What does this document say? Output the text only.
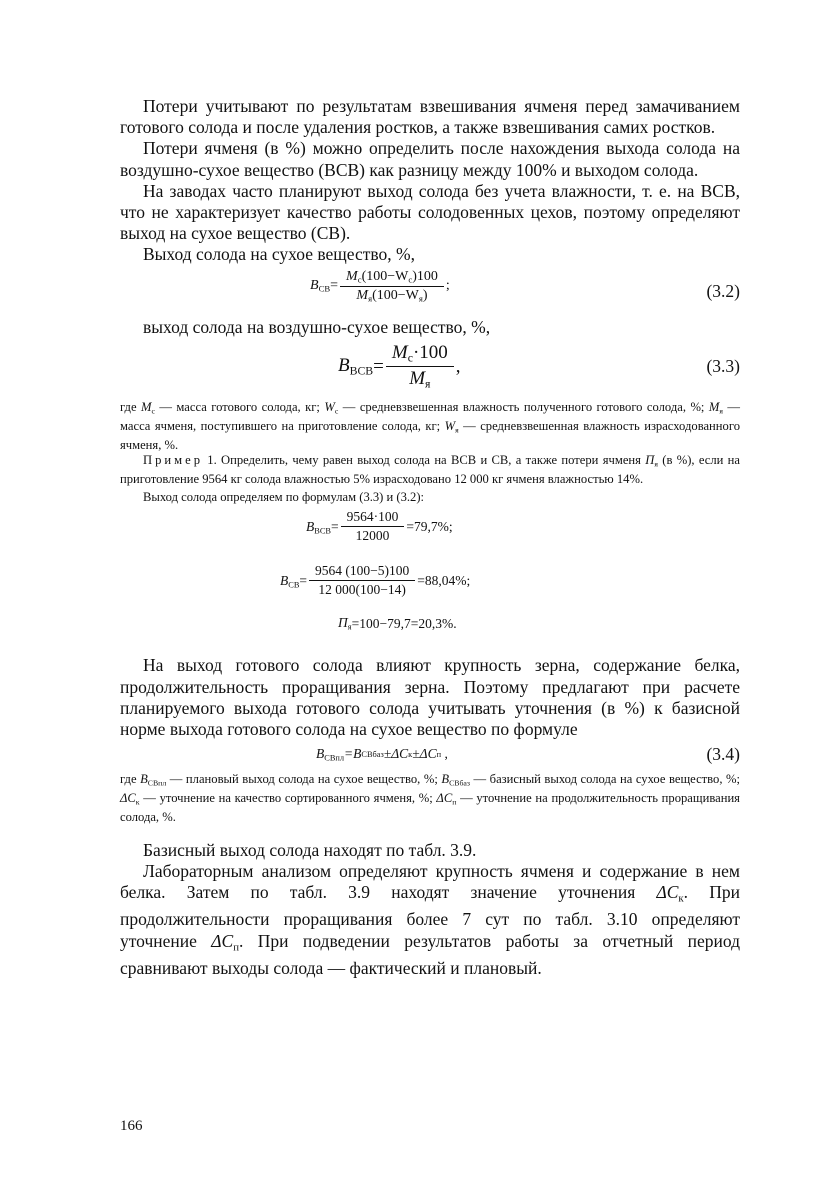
Потери учитывают по результатам взвешивания ячменя перед замачиванием готового солода и после удаления ростков, а также взвешивания самих ростков.

Потери ячменя (в %) можно определить после нахождения выхода солода на воздушно-сухое вещество (ВСВ) как разницу между 100% и выходом солода.

На заводах часто планируют выход солода без учета влажности, т. е. на ВСВ, что не характеризует качество работы солодовенных цехов, поэтому определяют выход на сухое вещество (СВ).

Выход солода на сухое вещество, %,

$B_{СВ} = \frac{M_с(100-W_с)100}{M_я(100-W_я)}$ ;	(3.2)

выход солода на воздушно-сухое вещество, %,

$B_{ВСВ} = \frac{M_с\cdot 100}{M_я}$ ,	(3.3)

где $M_с$ — масса готового солода, кг; $W_с$ — средневзвешенная влажность полученного готового солода, %; $M_я$ — масса ячменя, поступившего на приготовление солода, кг; $W_я$ — средневзвешенная влажность израсходованного ячменя, %.

Пример 1. Определить, чему равен выход солода на ВСВ и СВ, а также потери ячменя $П_я$ (в %), если на приготовление 9564 кг солода влажностью 5% израсходовано 12 000 кг ячменя влажностью 14%.

Выход солода определяем по формулам (3.3) и (3.2):

$B_{ВСВ} = \frac{9564\cdot 100}{12000} =79,7\%$;
$B_{СВ} = \frac{9564 (100-5)100}{12 000(100-14)} =88,04\%$;
$П_я =100-79,7=20,3\%$.

На выход готового солода влияют крупность зерна, содержание белка, продолжительность проращивания зерна. Поэтому предлагают при расчете планируемого выхода готового солода учитывать уточнения (в %) к базисной норме выхода готового солода на сухое вещество по формуле

$B_{СВпл} =B$ СВбаз ±ΔC к ±ΔC п
,	(3.4)

где $B_{СВпл}$ — плановый выход солода на сухое вещество, %; $B_{СВбаз}$ — базисный выход солода на сухое вещество, %; $\Delta C_к$ — уточнение на качество сортированного ячменя, %; $\Delta C_п$ — уточнение на продолжительность проращивания солода, %.

Базисный выход солода находят по табл. 3.9.

Лабораторным анализом определяют крупность ячменя и содержание в нем белка. Затем по табл. 3.9 находят значение уточнения $\Delta C_к$. При продолжительности проращивания более 7 сут по табл. 3.10 определяют уточнение $\Delta C_п$. При подведении результатов работы за отчетный период сравнивают выходы солода — фактический и плановый.

166
